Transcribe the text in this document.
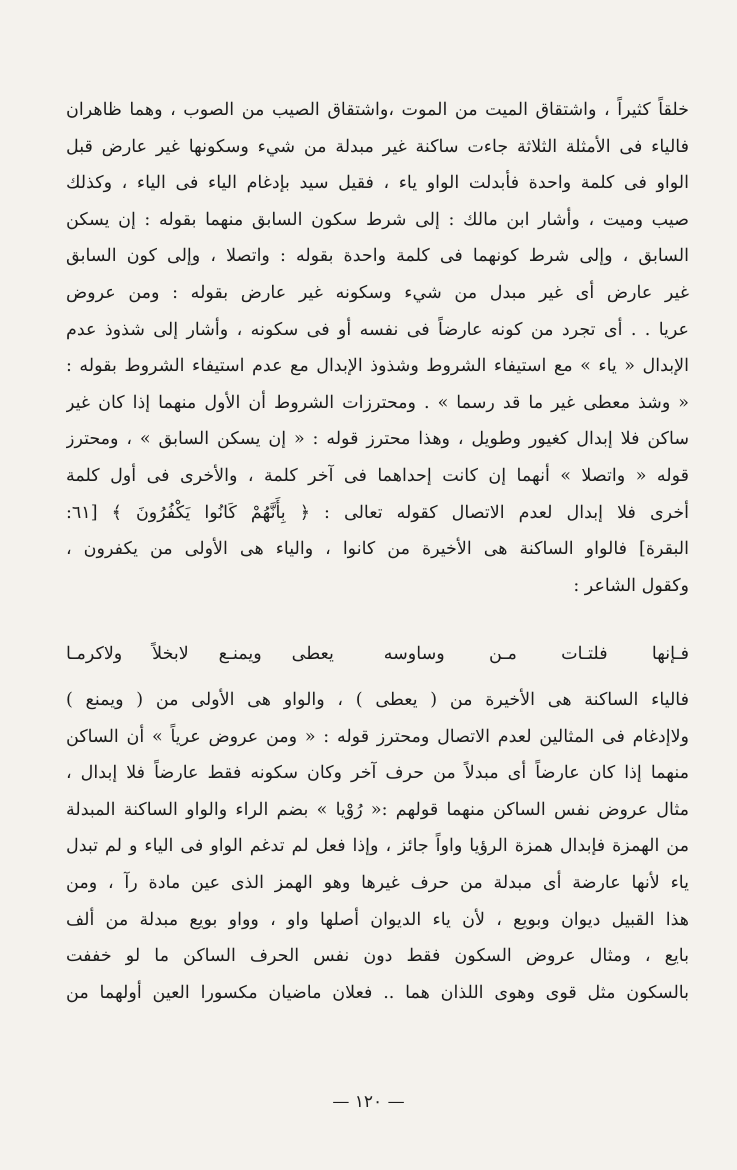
خلقاً كثيراً ، واشتقاق الميت من الموت ،واشتقاق الصيب من الصوب ، وهما ظاهران
فالياء فى الأمثلة الثلاثة جاءت ساكنة غير مبدلة من شيء وسكونها غير عارض قبل
الواو فى كلمة واحدة فأبدلت الواو ياء ، فقيل سيد بإدغام الياء فى الياء ، وكذلك
صيب وميت ، وأشار ابن مالك : إلى شرط سكون السابق منهما بقوله : إن يسكن
السابق ، وإلى شرط كونهما فى كلمة واحدة بقوله : واتصلا ، وإلى كون السابق
غير عارض أى غير مبدل من شيء وسكونه غير عارض بقوله : ومن عروض
عريا . . أى تجرد من كونه عارضاً فى نفسه أو فى سكونه ، وأشار إلى شذوذ عدم
الإبدال « ياء » مع استيفاء الشروط وشذوذ الإبدال مع عدم استيفاء الشروط بقوله :
« وشذ معطى غير ما قد رسما » . ومحترزات الشروط أن الأول منهما إذا كان غير
ساكن فلا إبدال كغيور وطويل ، وهذا محترز قوله : « إن يسكن السابق » ، ومحترز
قوله « واتصلا » أنهما إن كانت إحداهما فى آخر كلمة ، والأخرى فى أول كلمة
أخرى فلا إبدال لعدم الاتصال كقوله تعالى : ﴿ بِأَنَّهُمْ كَانُوا يَكْفُرُونَ ﴾ [٦١:
البقرة] فالواو الساكنة هى الأخيرة من كانوا ، والياء هى الأولى من يكفرون ،
وكقول الشاعر :
فـإنها فلتـات مـن وساوسه
يعطى ويمنـع لابخلاً ولاكرمـا
فالياء الساكنة هى الأخيرة من ( يعطى ) ، والواو هى الأولى من ( ويمنع )
ولاإدغام فى المثالين لعدم الاتصال ومحترز قوله : « ومن عروض عرياً » أن الساكن
منهما إذا كان عارضاً أى مبدلاً من حرف آخر وكان سكونه فقط عارضاً فلا إبدال ،
مثال عروض نفس الساكن منهما قولهم :« رُوْيا » بضم الراء والواو الساكنة المبدلة
من الهمزة فإبدال همزة الرؤيا واواً جائز ، وإذا فعل لم تدغم الواو فى الياء و لم تبدل
ياء لأنها عارضة أى مبدلة من حرف غيرها وهو الهمز الذى عين مادة رآ ، ومن
هذا القبيل ديوان وبويع ، لأن ياء الديوان أصلها واو ، وواو بويع مبدلة من ألف
بايع ، ومثال عروض السكون فقط دون نفس الحرف الساكن ما لو خففت
بالسكون مثل قوى وهوى اللذان هما .. فعلان ماضيان مكسورا العين أولهما من
— ١٢٠ —
